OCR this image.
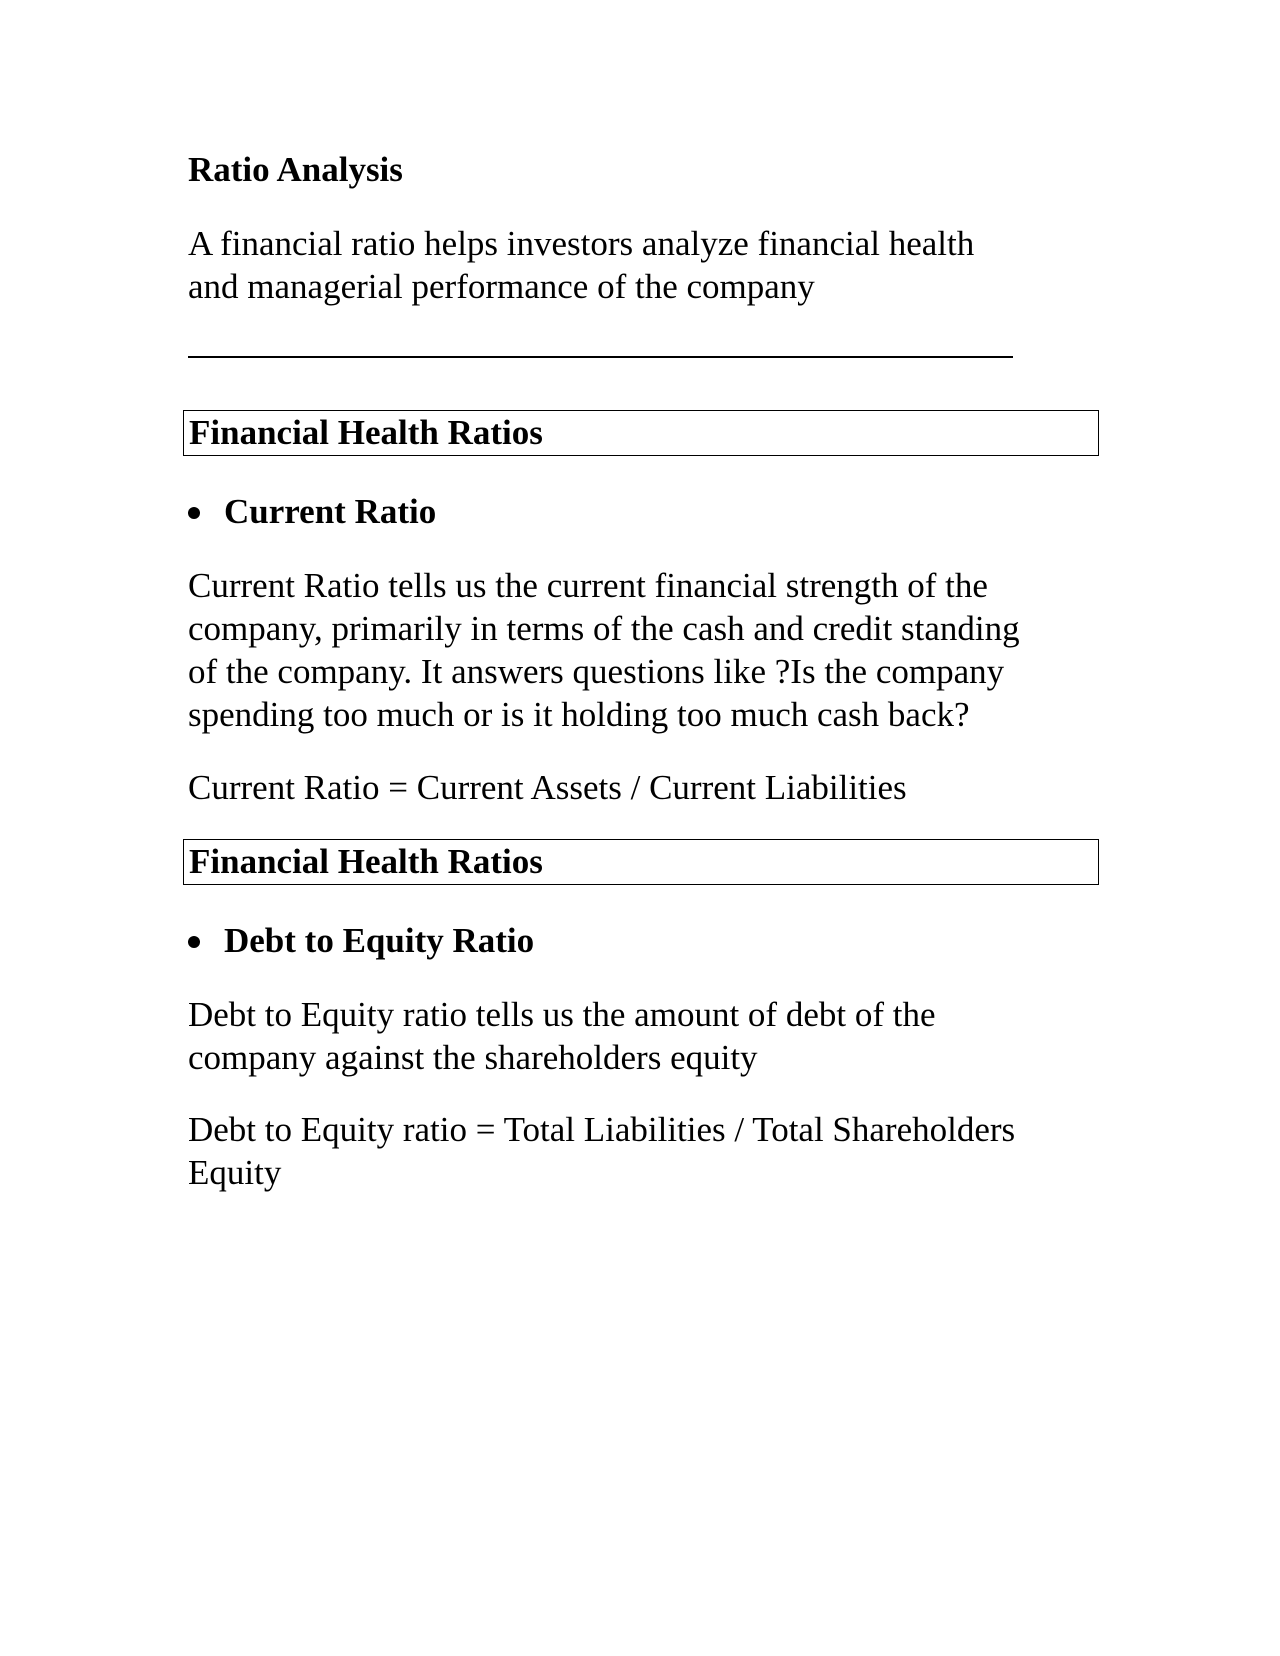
Ratio Analysis
A financial ratio helps investors analyze financial health
and managerial performance of the company
Financial Health Ratios
Current Ratio
Current Ratio tells us the current financial strength of the
company, primarily in terms of the cash and credit standing
of the company. It answers questions like ?Is the company
spending too much or is it holding too much cash back?
Current Ratio = Current Assets / Current Liabilities
Financial Health Ratios
Debt to Equity Ratio
Debt to Equity ratio tells us the amount of debt of the
company against the shareholders equity
Debt to Equity ratio = Total Liabilities / Total Shareholders
Equity
